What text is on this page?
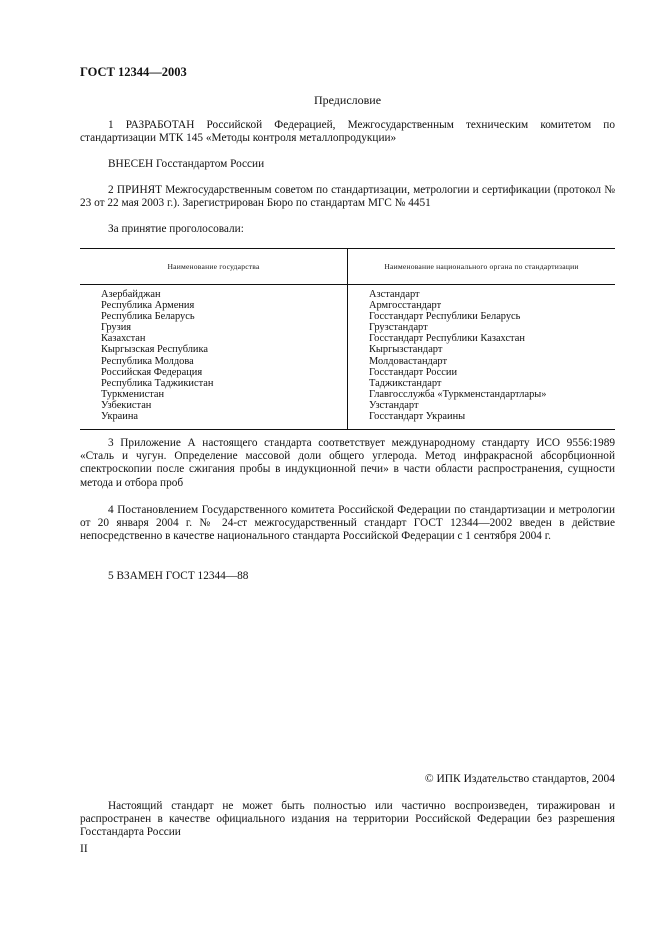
ГОСТ 12344—2003
Предисловие
1 РАЗРАБОТАН Российской Федерацией, Межгосударственным техническим комитетом по стандартизации МТК 145 «Методы контроля металлопродукции»
ВНЕСЕН Госстандартом России
2 ПРИНЯТ Межгосударственным советом по стандартизации, метрологии и сертификации (протокол № 23 от 22 мая 2003 г.). Зарегистрирован Бюро по стандартам МГС № 4451
За принятие проголосовали:
Наименование государства	Наименование национального органа по стандартизации
Азербайджан
Республика Армения
Республика Беларусь
Грузия
Казахстан
Кыргызская Республика
Республика Молдова
Российская Федерация
Республика Таджикистан
Туркменистан
Узбекистан
Украина
Азстандарт
Армгосстандарт
Госстандарт Республики Беларусь
Грузстандарт
Госстандарт Республики Казахстан
Кыргызстандарт
Молдовастандарт
Госстандарт России
Таджикстандарт
Главгосслужба «Туркменстандартлары»
Узстандарт
Госстандарт Украины
3 Приложение А настоящего стандарта соответствует международному стандарту ИСО 9556:1989 «Сталь и чугун. Определение массовой доли общего углерода. Метод инфракрасной абсорбционной спектроскопии после сжигания пробы в индукционной печи» в части области распространения, сущности метода и отбора проб
4 Постановлением Государственного комитета Российской Федерации по стандартизации и метрологии от 20 января 2004 г. № 24-ст межгосударственный стандарт ГОСТ 12344—2002 введен в действие непосредственно в качестве национального стандарта Российской Федерации с 1 сентября 2004 г.
5 ВЗАМЕН ГОСТ 12344—88
© ИПК Издательство стандартов, 2004
Настоящий стандарт не может быть полностью или частично воспроизведен, тиражирован и распространен в качестве официального издания на территории Российской Федерации без разрешения Госстандарта России
II
